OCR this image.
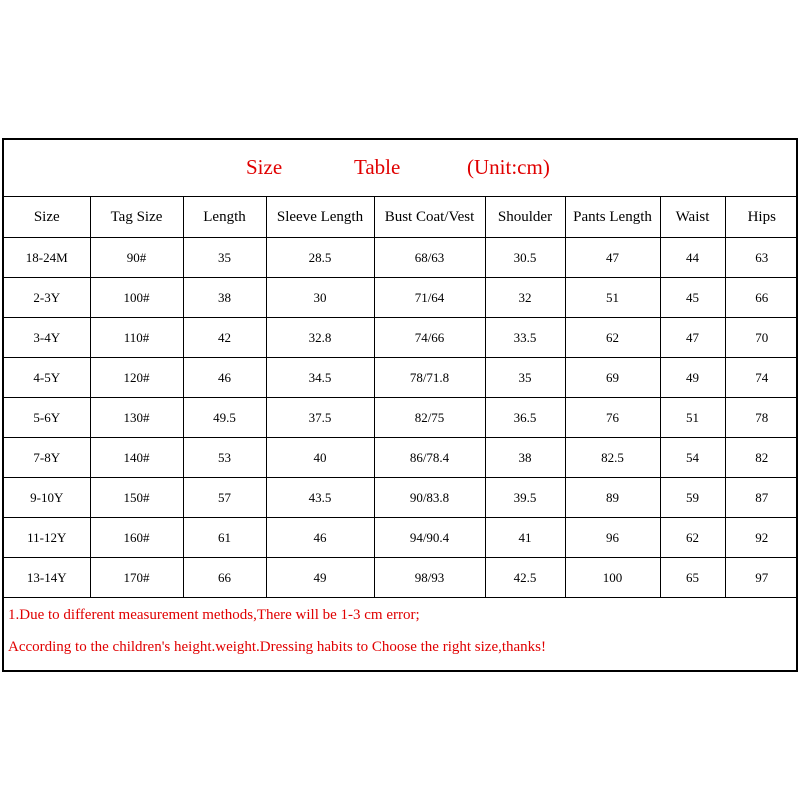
Size	Table	(Unit:cm)
Size	Tag Size	Length	Sleeve Length	Bust Coat/Vest	Shoulder	Pants Length	Waist	Hips
18-24M	90#	35	28.5	68/63	30.5	47	44	63
2-3Y	100#	38	30	71/64	32	51	45	66
3-4Y	110#	42	32.8	74/66	33.5	62	47	70
4-5Y	120#	46	34.5	78/71.8	35	69	49	74
5-6Y	130#	49.5	37.5	82/75	36.5	76	51	78
7-8Y	140#	53	40	86/78.4	38	82.5	54	82
9-10Y	150#	57	43.5	90/83.8	39.5	89	59	87
11-12Y	160#	61	46	94/90.4	41	96	62	92
13-14Y	170#	66	49	98/93	42.5	100	65	97
1.Due to different measurement methods,There will be 1-3 cm error;
According to the children's height.weight.Dressing habits to Choose the right size,thanks!
